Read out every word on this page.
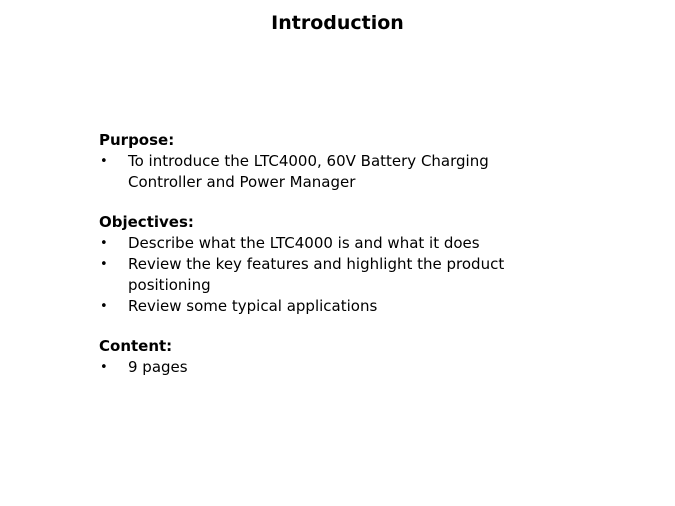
Introduction
Purpose:
•	To introduce the LTC4000, 60V Battery Charging Controller and Power Manager
Objectives:
•	Describe what the LTC4000 is and what it does
•	Review the key features and highlight the product positioning
•	Review some typical applications
Content:
•	9 pages
